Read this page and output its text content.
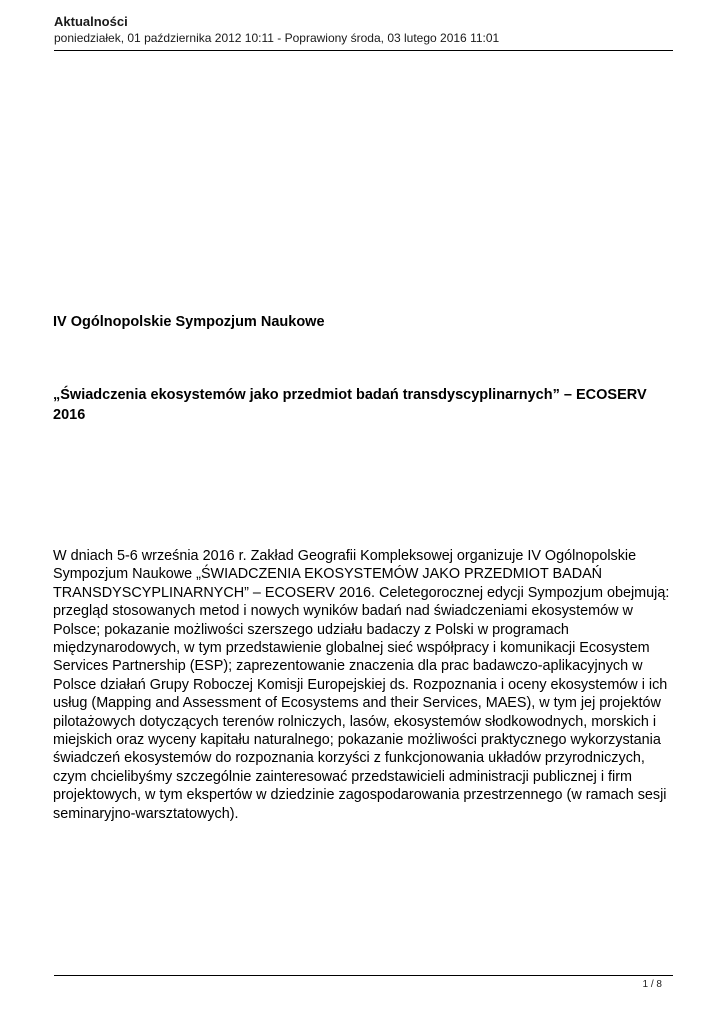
Aktualności
poniedziałek, 01 października 2012 10:11 - Poprawiony środa, 03 lutego 2016 11:01
IV Ogólnopolskie Sympozjum Naukowe
„Świadczenia ekosystemów jako przedmiot badań transdyscyplinarnych” – ECOSERV 2016
W dniach 5-6 września 2016 r. Zakład Geografii Kompleksowej organizuje IV Ogólnopolskie Sympozjum Naukowe „ŚWIADCZENIA EKOSYSTEMÓW JAKO PRZEDMIOT BADAŃ TRANSDYSCYPLINARNYCH” – ECOSERV 2016. Celetegorocznej edycji Sympozjum obejmują: przegląd stosowanych metod i nowych wyników badań nad świadczeniami ekosystemów w Polsce; pokazanie możliwości szerszego udziału badaczy z Polski w programach międzynarodowych, w tym przedstawienie globalnej sieć współpracy i komunikacji Ecosystem Services Partnership (ESP); zaprezentowanie znaczenia dla prac badawczo-aplikacyjnych w Polsce działań Grupy Roboczej Komisji Europejskiej ds. Rozpoznania i oceny ekosystemów i ich usług (Mapping and Assessment of Ecosystems and their Services, MAES), w tym jej projektów pilotażowych dotyczących terenów rolniczych, lasów, ekosystemów słodkowodnych, morskich i miejskich oraz wyceny kapitału naturalnego; pokazanie możliwości praktycznego wykorzystania świadczeń ekosystemów do rozpoznania korzyści z funkcjonowania układów przyrodniczych, czym chcielibyśmy szczególnie zainteresować przedstawicieli administracji publicznej i firm projektowych, w tym ekspertów w dziedzinie zagospodarowania przestrzennego (w ramach sesji seminaryjno-warsztatowych).
1 / 8
